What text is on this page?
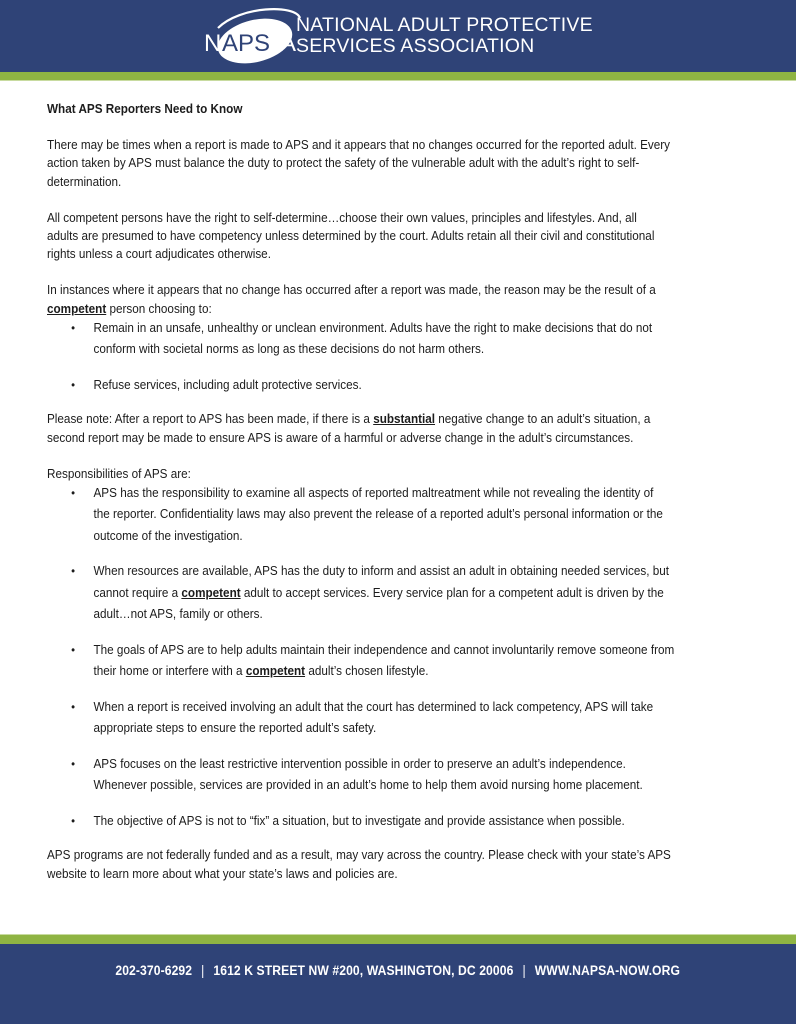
N APS A
NATIONAL ADULT PROTECTIVE
SERVICES ASSOCIATION
What APS Reporters Need to Know
There may be times when a report is made to APS and it appears that no changes occurred for the reported adult. Every
action taken by APS must balance the duty to protect the safety of the vulnerable adult with the adult’s right to self-
determination.
All competent persons have the right to self-determine…choose their own values, principles and lifestyles. And, all
adults are presumed to have competency unless determined by the court. Adults retain all their civil and constitutional
rights unless a court adjudicates otherwise.
In instances where it appears that no change has occurred after a report was made, the reason may be the result of a
competent person choosing to:
• Remain in an unsafe, unhealthy or unclean environment. Adults have the right to make decisions that do not
conform with societal norms as long as these decisions do not harm others.
• Refuse services, including adult protective services.
Please note: After a report to APS has been made, if there is a substantial negative change to an adult’s situation, a
second report may be made to ensure APS is aware of a harmful or adverse change in the adult’s circumstances.
Responsibilities of APS are:
• APS has the responsibility to examine all aspects of reported maltreatment while not revealing the identity of
the reporter. Confidentiality laws may also prevent the release of a reported adult’s personal information or the
outcome of the investigation.
• When resources are available, APS has the duty to inform and assist an adult in obtaining needed services, but
cannot require a competent adult to accept services. Every service plan for a competent adult is driven by the
adult…not APS, family or others.
• The goals of APS are to help adults maintain their independence and cannot involuntarily remove someone from
their home or interfere with a competent adult’s chosen lifestyle.
• When a report is received involving an adult that the court has determined to lack competency, APS will take
appropriate steps to ensure the reported adult’s safety.
• APS focuses on the least restrictive intervention possible in order to preserve an adult’s independence.
Whenever possible, services are provided in an adult’s home to help them avoid nursing home placement.
• The objective of APS is not to “fix” a situation, but to investigate and provide assistance when possible.
APS programs are not federally funded and as a result, may vary across the country. Please check with your state’s APS
website to learn more about what your state’s laws and policies are.
202-370-6292 | 1612 K STREET NW #200, WASHINGTON, DC 20006 | WWW.NAPSA-NOW.ORG
